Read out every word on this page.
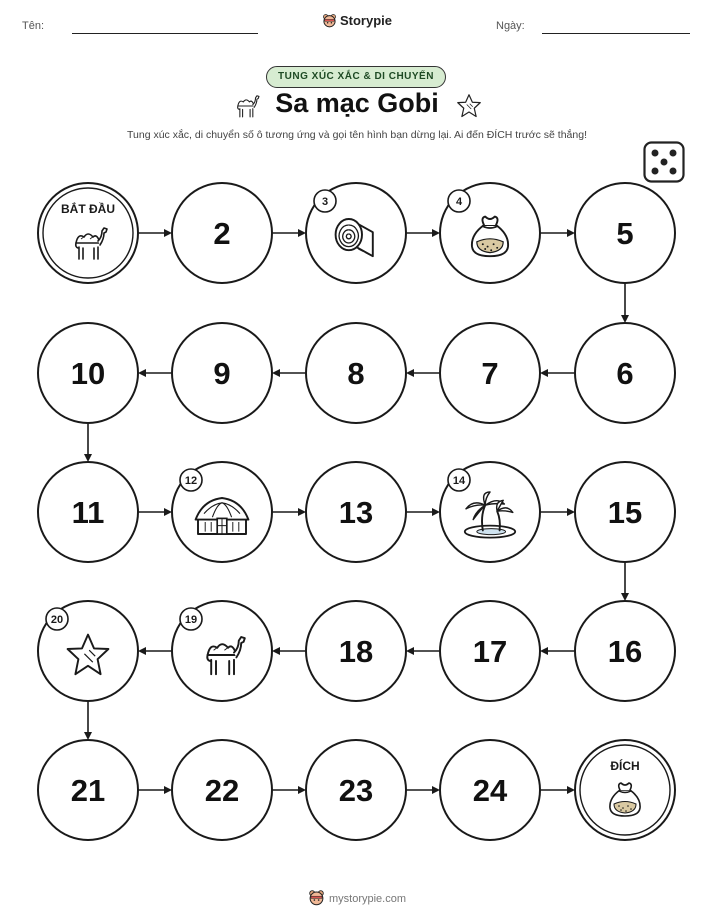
Tên:	Ngày:
Storypie
TUNG XÚC XẮC & DI CHUYỂN
Sa mạc Gobi
Tung xúc xắc, di chuyển số ô tương ứng và gọi tên hình bạn dừng lại. Ai đến ĐÍCH trước sẽ thắng!
BẮT ĐẦU
2
3	4
5
6
7
8
9
10
11
12
13
14
15
16
17
18
19
20
21	22	23	24
ĐÍCH
mystorypie.com
